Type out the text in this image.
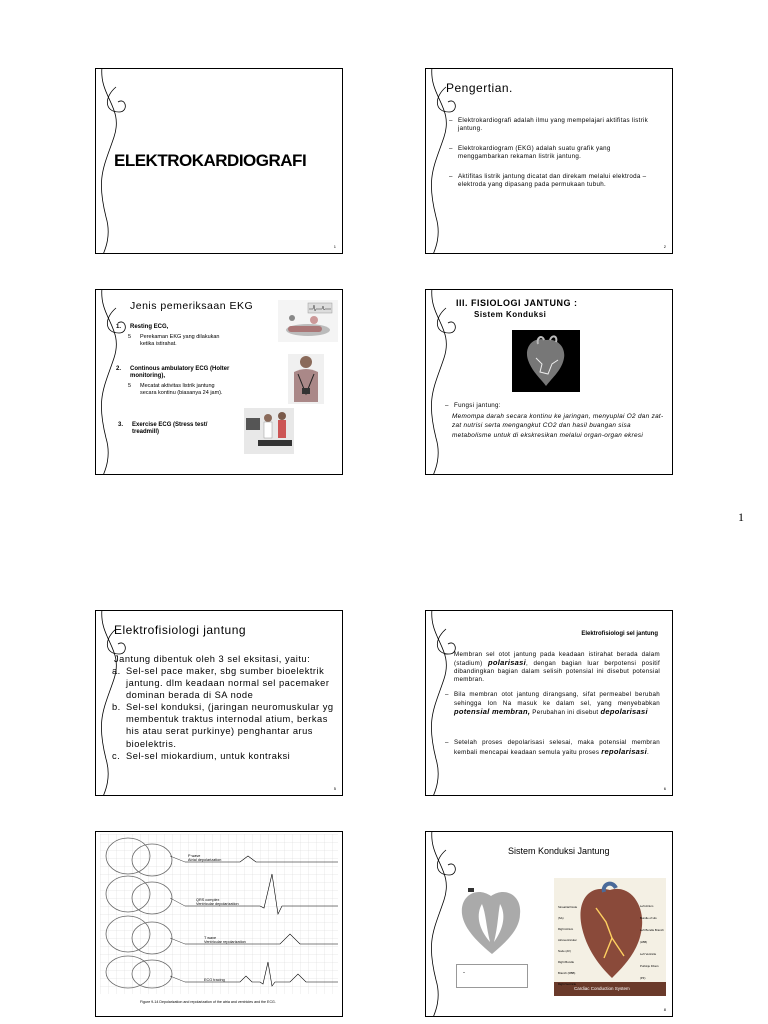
ELEKTROKARDIOGRAFI
1
Pengertian.
– Elektrokardiografi adalah ilmu yang mempelajari aktifitas listrik jantung.
– Elektrokardiogram (EKG) adalah suatu grafik yang menggambarkan rekaman listrik jantung.
– Aktifitas listrik jantung dicatat dan direkam melalui elektroda – elektroda yang dipasang pada permukaan tubuh.
2
Jenis pemeriksaan EKG
1. Resting ECG,
5 Perekaman EKG yang dilakukan ketika istirahat.
2. Continous ambulatory ECG (Holter monitoring),
5 Mecatat aktivitas listrik jantung secara kontinu (biasanya 24 jam).
3. Exercise ECG (Stress test/ treadmill)
III. FISIOLOGI JANTUNG :
Sistem Konduksi
– Fungsi jantung:
Memompa darah secara kontinu ke jaringan, menyuplai O2 dan zat-zat nutrisi serta mengangkut CO2 dan hasil buangan sisa metabolisme untuk di ekskresikan melalui organ-organ ekresi
1
Elektrofisiologi jantung
Jantung dibentuk oleh 3 sel eksitasi, yaitu:
a. Sel-sel pace maker, sbg sumber bioelektrik jantung. dlm keadaan normal sel pacemaker dominan berada di SA node
b. Sel-sel konduksi, (jaringan neuromuskular yg membentuk traktus internodal atium, berkas his atau serat purkinye) penghantar arus bioelektris.
c. Sel-sel miokardium, untuk kontraksi
5
Elektrofisiologi sel jantung
– Membran sel otot jantung pada keadaan istirahat berada dalam (stadium) polarisasi, dengan bagian luar berpotensi positif dibandingkan bagian dalam selisih potensial ini disebut potensial membran.
– Bila membran otot jantung dirangsang, sifat permeabel berubah sehingga Ion Na masuk ke dalam sel, yang menyebabkan potensial membran, Perubahan ini disebut depolarisasi
– Setelah proses depolarisasi selesai, maka potensial membran kembali mencapai keadaan semula yaitu proses repolarisasi.
6
P wave
Atrial depolarization
QRS complex
Ventricular depolarization
T wave
Ventricular repolarization
ECG tracing
Figure 9-14 Depolarization and repolarization of the atria and ventricles and the ECG.
Sistem Konduksi Jantung
-
Cardiac Conduction System
Sinoatrial Node (SA)
Right Atrium
Atrioventricular Node (AV)
Right Bundle Branch (RBB)
Right Ventricle
Left Atrium
Bundle of His
Left Bundle Branch (LBB)
Left Ventricle
Purkinje Fibers (PF)
8
